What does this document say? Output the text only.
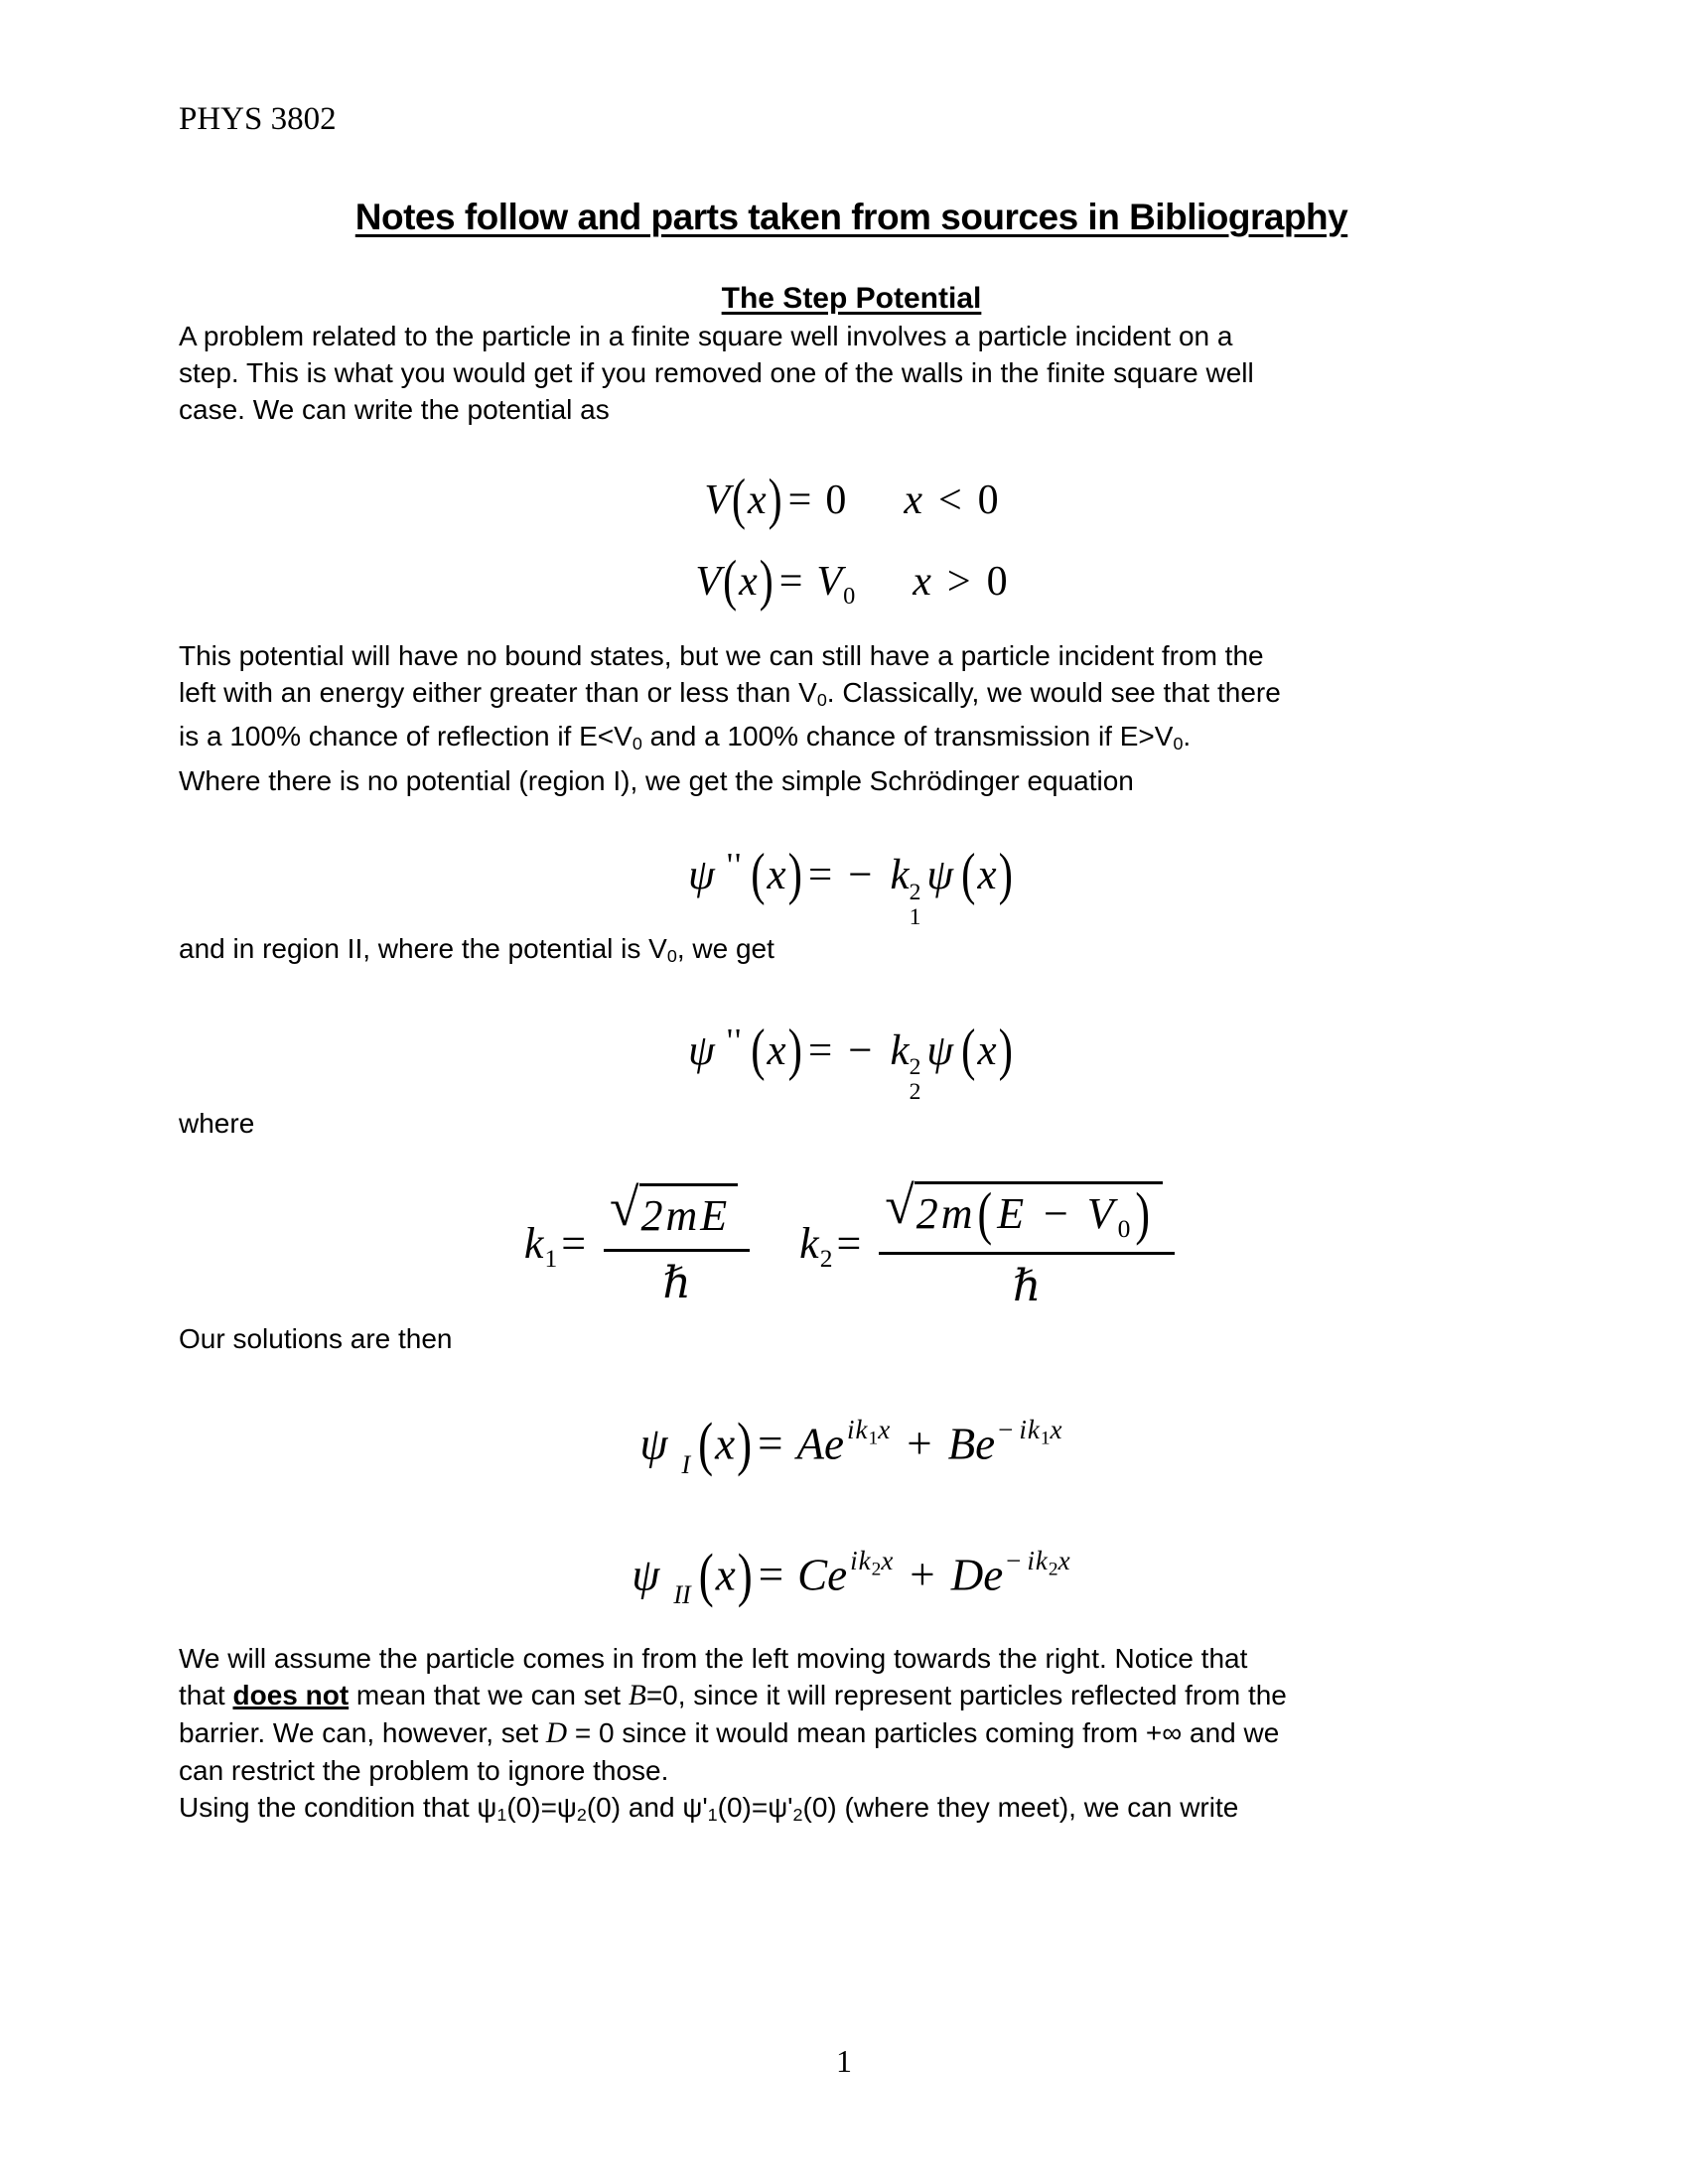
PHYS 3802
Notes follow and parts taken from sources in Bibliography
The Step Potential

A problem related to the particle in a finite square well involves a particle incident on a
step. This is what you would get if you removed one of the walls in the finite square well
case. We can write the potential as

V(x) = 0 x < 0
$V(x) = V_0$ x > 0

This potential will have no bound states, but we can still have a particle incident from the
left with an energy either greater than or less than V0. Classically, we would see that there
is a 100% chance of reflection if E<V0 and a 100% chance of transmission if E>V0.

Where there is no potential (region I), we get the simple Schrödinger equation

ψ '' (x) = − k 2
1
ψ (x)

and in region II, where the potential is V0, we get

ψ '' (x) = − k 2
2
ψ (x)

where

$k_1= \frac{√ 2mE}{\text{ℏ}} k_2= \frac{√ 2m(E - V_0)}{\text{ℏ}}$

Our solutions are then

ψ $_I$ (x) = Ae $^{ik_1x}$ + Be $^{- ik_1x}$
ψ $_{II}$ (x) = Ce $^{ik_2x}$ + De $^{- ik_2x}$

We will assume the particle comes in from the left moving towards the right. Notice that
that does not mean that we can set B=0, since it will represent particles reflected from the
barrier. We can, however, set D = 0 since it would mean particles coming from +∞ and we
can restrict the problem to ignore those.

Using the condition that ψ1(0)=ψ2(0) and ψ'1(0)=ψ'2(0) (where they meet), we can write

1
